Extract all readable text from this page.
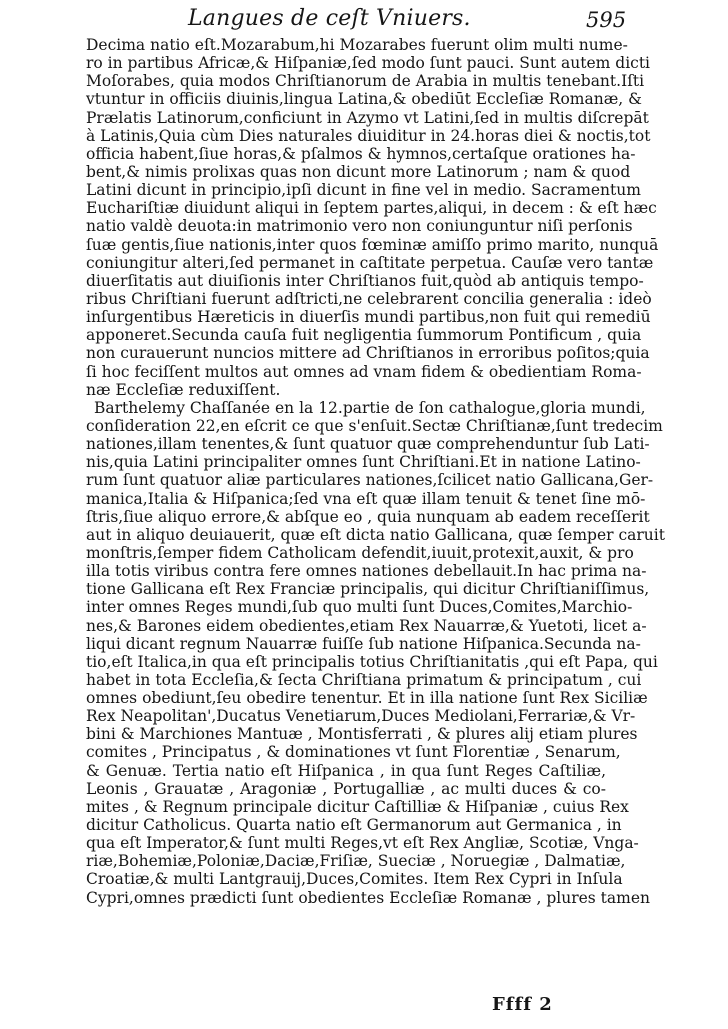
Langues de ceſt Vniuers.	595
Decima natio eſt.Mozarabum,hi Mozarabes fuerunt olim multi nume-
ro in partibus Africæ,& Hiſpaniæ,ſed modo ſunt pauci. Sunt autem dicti
Moſorabes, quia modos Chriſtianorum de Arabia in multis tenebant.Iſti
vtuntur in officiis diuinis,lingua Latina,& obediūt Eccleſiæ Romanæ, &
Prælatis Latinorum,conficiunt in Azymo vt Latini,ſed in multis diſcrepāt
à Latinis,Quia cùm Dies naturales diuiditur in 24.horas diei & noctis,tot
officia habent,ſiue horas,& pſalmos & hymnos,certaſque orationes ha-
bent,& nimis prolixas quas non dicunt more Latinorum ; nam & quod
Latini dicunt in principio,ipſi dicunt in fine vel in medio. Sacramentum
Euchariſtiæ diuidunt aliqui in ſeptem partes,aliqui, in decem : & eſt hæc
natio valdè deuota:in matrimonio vero non coniunguntur niſi perſonis
ſuæ gentis,ſiue nationis,inter quos fœminæ amiſſo primo marito, nunquā
coniungitur alteri,ſed permanet in caſtitate perpetua. Cauſæ vero tantæ
diuerſitatis aut diuiſionis inter Chriſtianos fuit,quòd ab antiquis tempo-
ribus Chriſtiani fuerunt adſtricti,ne celebrarent concilia generalia : ideò
inſurgentibus Hæreticis in diuerſis mundi partibus,non fuit qui remediū
apponeret.Secunda cauſa fuit negligentia ſummorum Pontificum , quia
non curauerunt nuncios mittere ad Chriſtianos in erroribus poſitos;quia
ſi hoc feciſſent multos aut omnes ad vnam fidem & obedientiam Roma-
næ Eccleſiæ reduxiſſent.
Barthelemy Chaſſanée en la 12.partie de ſon cathalogue,gloria mundi,
conſideration 22,en eſcrit ce que s'enſuit.Sectæ Chriſtianæ,ſunt tredecim
nationes,illam tenentes,& ſunt quatuor quæ comprehenduntur ſub Lati-
nis,quia Latini principaliter omnes ſunt Chriſtiani.Et in natione Latino-
rum ſunt quatuor aliæ particulares nationes,ſcilicet natio Gallicana,Ger-
manica,Italia & Hiſpanica;ſed vna eſt quæ illam tenuit & tenet ſine mō-
ſtris,ſiue aliquo errore,& abſque eo , quia nunquam ab eadem receſſerit
aut in aliquo deuiauerit, quæ eſt dicta natio Gallicana, quæ ſemper caruit
monſtris,ſemper fidem Catholicam defendit,iuuit,protexit,auxit, & pro
illa totis viribus contra fere omnes nationes debellauit.In hac prima na-
tione Gallicana eſt Rex Franciæ principalis, qui dicitur Chriſtianiſſimus,
inter omnes Reges mundi,ſub quo multi ſunt Duces,Comites,Marchio-
nes,& Barones eidem obedientes,etiam Rex Nauarræ,& Yuetoti, licet a-
liqui dicant regnum Nauarræ fuiſſe ſub natione Hiſpanica.Secunda na-
tio,eſt Italica,in qua eſt principalis totius Chriſtianitatis ,qui eſt Papa, qui
habet in tota Eccleſia,& ſecta Chriſtiana primatum & principatum , cui
omnes obediunt,ſeu obedire tenentur. Et in illa natione ſunt Rex Siciliæ
Rex Neapolitan',Ducatus Venetiarum,Duces Mediolani,Ferrariæ,& Vr-
bini & Marchiones Mantuæ , Montisferrati , & plures alij etiam plures
comites , Principatus , & dominationes vt ſunt Florentiæ , Senarum,
& Genuæ. Tertia natio eſt Hiſpanica , in qua ſunt Reges Caſtiliæ,
Leonis , Grauatæ , Aragoniæ , Portugalliæ , ac multi duces & co-
mites , & Regnum principale dicitur Caſtilliæ & Hiſpaniæ , cuius Rex
dicitur Catholicus. Quarta natio eſt Germanorum aut Germanica , in
qua eſt Imperator,& ſunt multi Reges,vt eſt Rex Angliæ, Scotiæ, Vnga-
riæ,Bohemiæ,Poloniæ,Daciæ,Friſiæ, Sueciæ , Noruegiæ , Dalmatiæ,
Croatiæ,& multi Lantgrauij,Duces,Comites. Item Rex Cypri in Inſula
Cypri,omnes prædicti ſunt obedientes Eccleſiæ Romanæ , plures tamen
Ffff 2
